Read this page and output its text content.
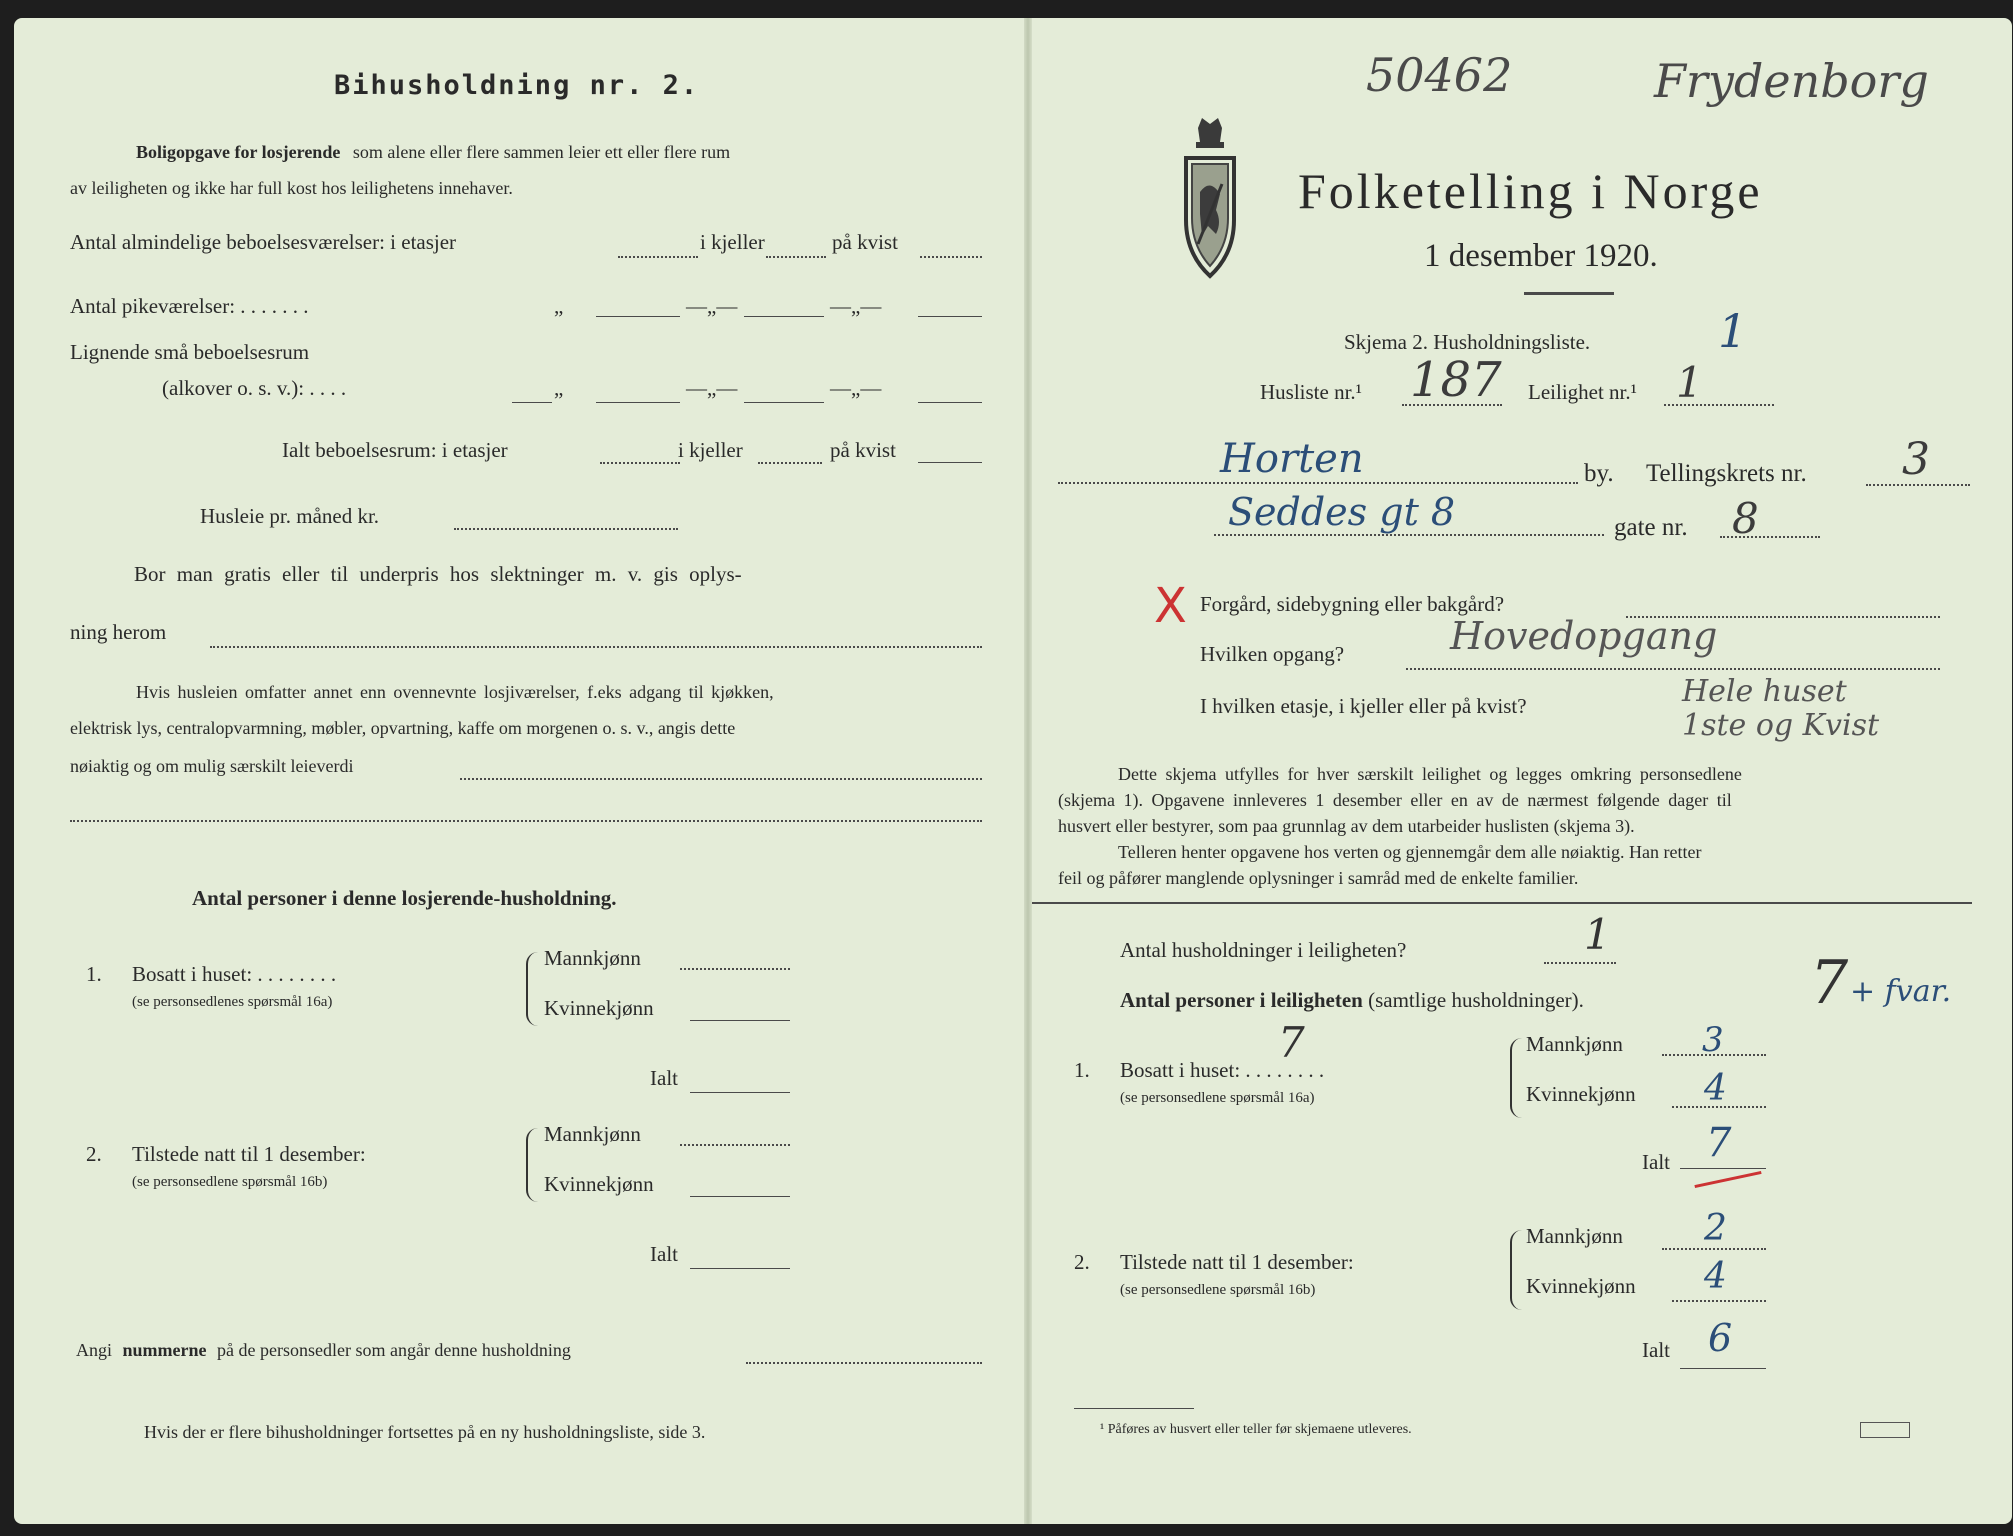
Bihusholdning nr. 2.
Boligopgave for losjerende som alene eller flere sammen leier ett eller flere rum
av leiligheten og ikke har full kost hos leilighetens innehaver.
Antal almindelige beboelsesværelser: i etasjer	i kjeller	på kvist
Antal pikeværelser: . . . . . . .	„	—„—	—„—
Lignende små beboelsesrum
(alkover o. s. v.): . . . .	„	—„—	—„—
Ialt beboelsesrum: i etasjer	i kjeller	på kvist
Husleie pr. måned kr.
Bor man gratis eller til underpris hos slektninger m. v. gis oplys-
ning herom
Hvis husleien omfatter annet enn ovennevnte losjiværelser, f.eks adgang til kjøkken,
elektrisk lys, centralopvarmning, møbler, opvartning, kaffe om morgenen o. s. v., angis dette
nøiaktig og om mulig særskilt leieverdi
Antal personer i denne losjerende-husholdning.
1. Bosatt i huset: . . . . . . . .
(se personsedlenes spørsmål 16a)
Mannkjønn
Kvinnekjønn
Ialt
2. Tilstede natt til 1 desember:
(se personsedlene spørsmål 16b)
Mannkjønn
Kvinnekjønn
Ialt
Angi nummerne på de personsedler som angår denne husholdning
Hvis der er flere bihusholdninger fortsettes på en ny husholdningsliste, side 3.
50462	Frydenborg
Folketelling i Norge
1 desember 1920.
Skjema 2. Husholdningsliste.	1
Husliste nr.¹ 187 Leilighet nr.¹ 1
Horten	by. Tellingskrets nr. 3
Seddes gt 8	gate nr. 8
X Forgård, sidebygning eller bakgård?
Hvilken opgang?	Hovedopgang
I hvilken etasje, i kjeller eller på kvist?	Hele huset
1ste og Kvist
Dette skjema utfylles for hver særskilt leilighet og legges omkring personsedlene
(skjema 1). Opgavene innleveres 1 desember eller en av de nærmest følgende dager til
husvert eller bestyrer, som paa grunnlag av dem utarbeider huslisten (skjema 3).
Telleren henter opgavene hos verten og gjennemgår dem alle nøiaktig. Han retter
feil og påfører manglende oplysninger i samråd med de enkelte familier.
Antal husholdninger i leiligheten?	1
Antal personer i leiligheten (samtlige husholdninger).	7 + fvar.
1. Bosatt i huset: . . . . . . . .
7
(se personsedlene spørsmål 16a)
Mannkjønn 3
Kvinnekjønn 4
Ialt 7
2. Tilstede natt til 1 desember:
(se personsedlene spørsmål 16b)
Mannkjønn 2
Kvinnekjønn 4
Ialt 6
¹ Påføres av husvert eller teller før skjemaene utleveres.
